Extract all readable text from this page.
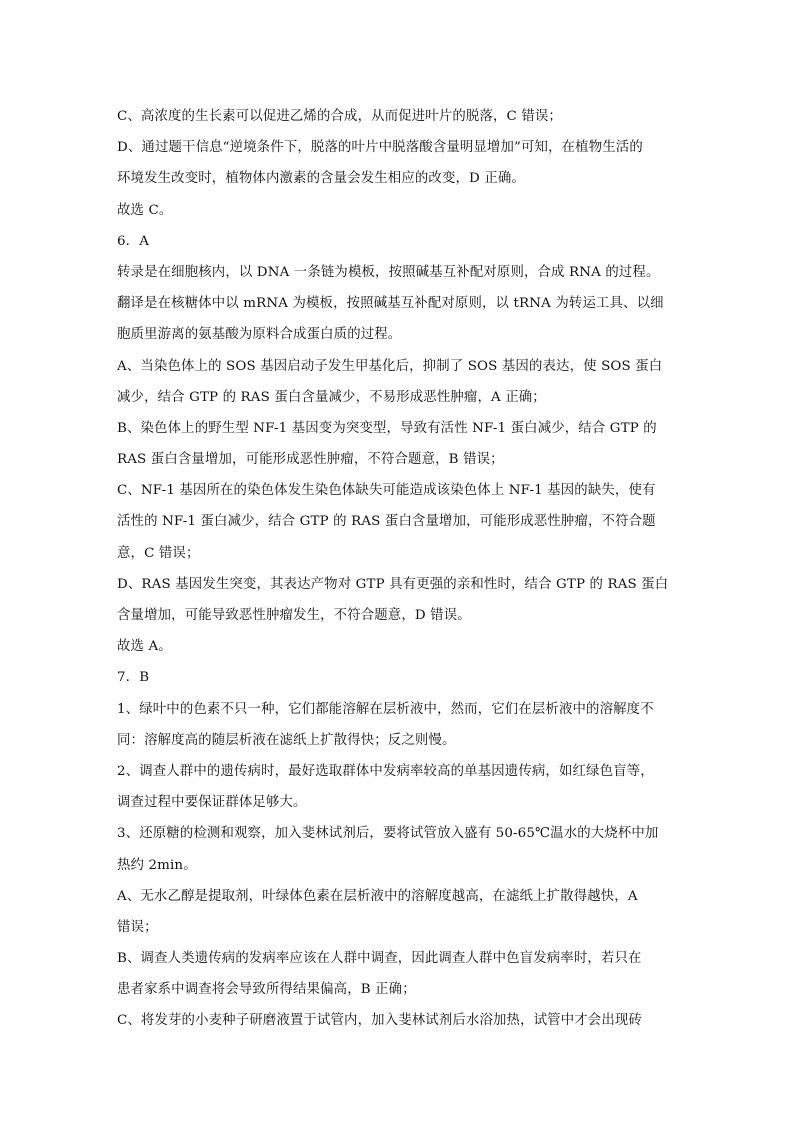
C、高浓度的生长素可以促进乙烯的合成，从而促进叶片的脱落，C 错误；
D、通过题干信息“逆境条件下，脱落的叶片中脱落酸含量明显增加”可知，在植物生活的
环境发生改变时，植物体内激素的含量会发生相应的改变，D 正确。
故选 C。
6．A
转录是在细胞核内，以 DNA 一条链为模板，按照碱基互补配对原则，合成 RNA 的过程。
翻译是在核糖体中以 mRNA 为模板，按照碱基互补配对原则，以 tRNA 为转运工具、以细
胞质里游离的氨基酸为原料合成蛋白质的过程。
A、当染色体上的 SOS 基因启动子发生甲基化后，抑制了 SOS 基因的表达，使 SOS 蛋白
减少，结合 GTP 的 RAS 蛋白含量减少，不易形成恶性肿瘤，A 正确；
B、染色体上的野生型 NF-1 基因变为突变型，导致有活性 NF-1 蛋白减少，结合 GTP 的
RAS 蛋白含量增加，可能形成恶性肿瘤，不符合题意，B 错误；
C、NF-1 基因所在的染色体发生染色体缺失可能造成该染色体上 NF-1 基因的缺失，使有
活性的 NF-1 蛋白减少，结合 GTP 的 RAS 蛋白含量增加，可能形成恶性肿瘤，不符合题
意，C 错误；
D、RAS 基因发生突变，其表达产物对 GTP 具有更强的亲和性时，结合 GTP 的 RAS 蛋白
含量增加，可能导致恶性肿瘤发生，不符合题意，D 错误。
故选 A。
7．B
1、绿叶中的色素不只一种，它们都能溶解在层析液中，然而，它们在层析液中的溶解度不
同：溶解度高的随层析液在滤纸上扩散得快；反之则慢。
2、调查人群中的遗传病时，最好选取群体中发病率较高的单基因遗传病，如红绿色盲等，
调查过程中要保证群体足够大。
3、还原糖的检测和观察，加入斐林试剂后，要将试管放入盛有 50-65℃温水的大烧杯中加
热约 2min。
A、无水乙醇是提取剂，叶绿体色素在层析液中的溶解度越高，在滤纸上扩散得越快，A
错误；
B、调查人类遗传病的发病率应该在人群中调查，因此调查人群中色盲发病率时，若只在
患者家系中调查将会导致所得结果偏高，B 正确；
C、将发芽的小麦种子研磨液置于试管内，加入斐林试剂后水浴加热，试管中才会出现砖
